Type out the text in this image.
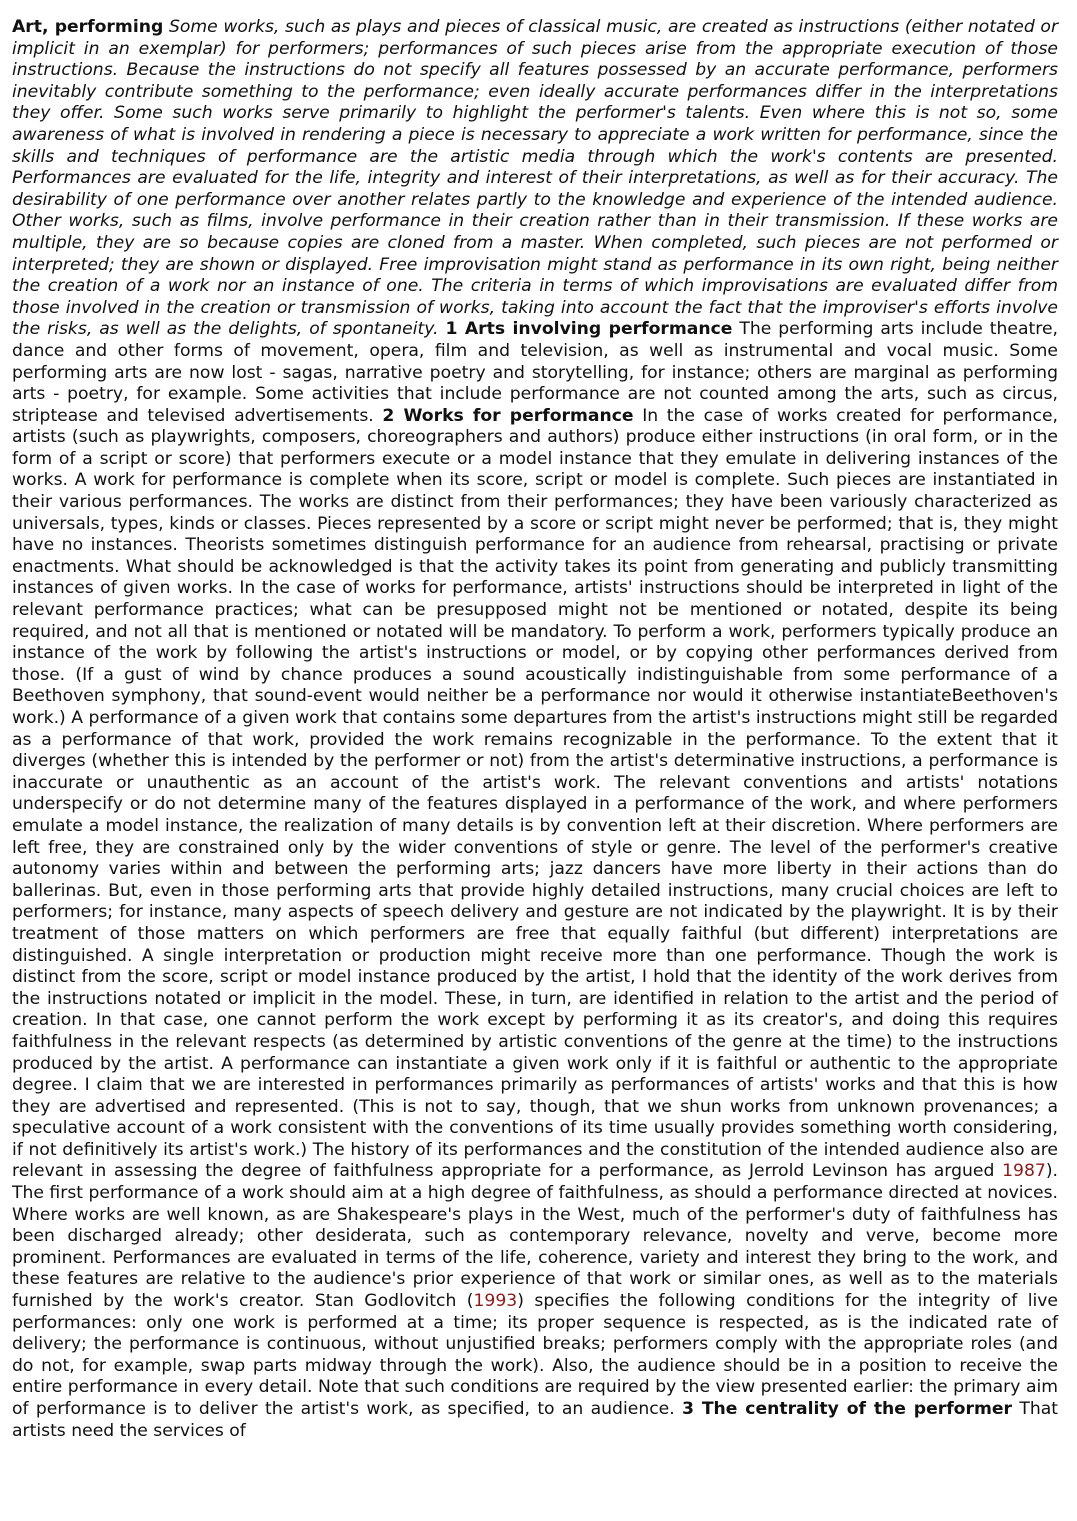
Art, performing Some works, such as plays and pieces of classical music, are created as instructions (either notated or implicit in an exemplar) for performers; performances of such pieces arise from the appropriate execution of those instructions. Because the instructions do not specify all features possessed by an accurate performance, performers inevitably contribute something to the performance; even ideally accurate performances differ in the interpretations they offer. Some such works serve primarily to highlight the performer's talents. Even where this is not so, some awareness of what is involved in rendering a piece is necessary to appreciate a work written for performance, since the skills and techniques of performance are the artistic media through which the work's contents are presented. Performances are evaluated for the life, integrity and interest of their interpretations, as well as for their accuracy. The desirability of one performance over another relates partly to the knowledge and experience of the intended audience. Other works, such as films, involve performance in their creation rather than in their transmission. If these works are multiple, they are so because copies are cloned from a master. When completed, such pieces are not performed or interpreted; they are shown or displayed. Free improvisation might stand as performance in its own right, being neither the creation of a work nor an instance of one. The criteria in terms of which improvisations are evaluated differ from those involved in the creation or transmission of works, taking into account the fact that the improviser's efforts involve the risks, as well as the delights, of spontaneity. 1 Arts involving performance The performing arts include theatre, dance and other forms of movement, opera, film and television, as well as instrumental and vocal music. Some performing arts are now lost - sagas, narrative poetry and storytelling, for instance; others are marginal as performing arts - poetry, for example. Some activities that include performance are not counted among the arts, such as circus, striptease and televised advertisements. 2 Works for performance In the case of works created for performance, artists (such as playwrights, composers, choreographers and authors) produce either instructions (in oral form, or in the form of a script or score) that performers execute or a model instance that they emulate in delivering instances of the works. A work for performance is complete when its score, script or model is complete. Such pieces are instantiated in their various performances. The works are distinct from their performances; they have been variously characterized as universals, types, kinds or classes. Pieces represented by a score or script might never be performed; that is, they might have no instances. Theorists sometimes distinguish performance for an audience from rehearsal, practising or private enactments. What should be acknowledged is that the activity takes its point from generating and publicly transmitting instances of given works. In the case of works for performance, artists' instructions should be interpreted in light of the relevant performance practices; what can be presupposed might not be mentioned or notated, despite its being required, and not all that is mentioned or notated will be mandatory. To perform a work, performers typically produce an instance of the work by following the artist's instructions or model, or by copying other performances derived from those. (If a gust of wind by chance produces a sound acoustically indistinguishable from some performance of a Beethoven symphony, that sound-event would neither be a performance nor would it otherwise instantiateBeethoven's work.) A performance of a given work that contains some departures from the artist's instructions might still be regarded as a performance of that work, provided the work remains recognizable in the performance. To the extent that it diverges (whether this is intended by the performer or not) from the artist's determinative instructions, a performance is inaccurate or unauthentic as an account of the artist's work. The relevant conventions and artists' notations underspecify or do not determine many of the features displayed in a performance of the work, and where performers emulate a model instance, the realization of many details is by convention left at their discretion. Where performers are left free, they are constrained only by the wider conventions of style or genre. The level of the performer's creative autonomy varies within and between the performing arts; jazz dancers have more liberty in their actions than do ballerinas. But, even in those performing arts that provide highly detailed instructions, many crucial choices are left to performers; for instance, many aspects of speech delivery and gesture are not indicated by the playwright. It is by their treatment of those matters on which performers are free that equally faithful (but different) interpretations are distinguished. A single interpretation or production might receive more than one performance. Though the work is distinct from the score, script or model instance produced by the artist, I hold that the identity of the work derives from the instructions notated or implicit in the model. These, in turn, are identified in relation to the artist and the period of creation. In that case, one cannot perform the work except by performing it as its creator's, and doing this requires faithfulness in the relevant respects (as determined by artistic conventions of the genre at the time) to the instructions produced by the artist. A performance can instantiate a given work only if it is faithful or authentic to the appropriate degree. I claim that we are interested in performances primarily as performances of artists' works and that this is how they are advertised and represented. (This is not to say, though, that we shun works from unknown provenances; a speculative account of a work consistent with the conventions of its time usually provides something worth considering, if not definitively its artist's work.) The history of its performances and the constitution of the intended audience also are relevant in assessing the degree of faithfulness appropriate for a performance, as Jerrold Levinson has argued 1987). The first performance of a work should aim at a high degree of faithfulness, as should a performance directed at novices. Where works are well known, as are Shakespeare's plays in the West, much of the performer's duty of faithfulness has been discharged already; other desiderata, such as contemporary relevance, novelty and verve, become more prominent. Performances are evaluated in terms of the life, coherence, variety and interest they bring to the work, and these features are relative to the audience's prior experience of that work or similar ones, as well as to the materials furnished by the work's creator. Stan Godlovitch (1993) specifies the following conditions for the integrity of live performances: only one work is performed at a time; its proper sequence is respected, as is the indicated rate of delivery; the performance is continuous, without unjustified breaks; performers comply with the appropriate roles (and do not, for example, swap parts midway through the work). Also, the audience should be in a position to receive the entire performance in every detail. Note that such conditions are required by the view presented earlier: the primary aim of performance is to deliver the artist's work, as specified, to an audience. 3 The centrality of the performer That artists need the services of
